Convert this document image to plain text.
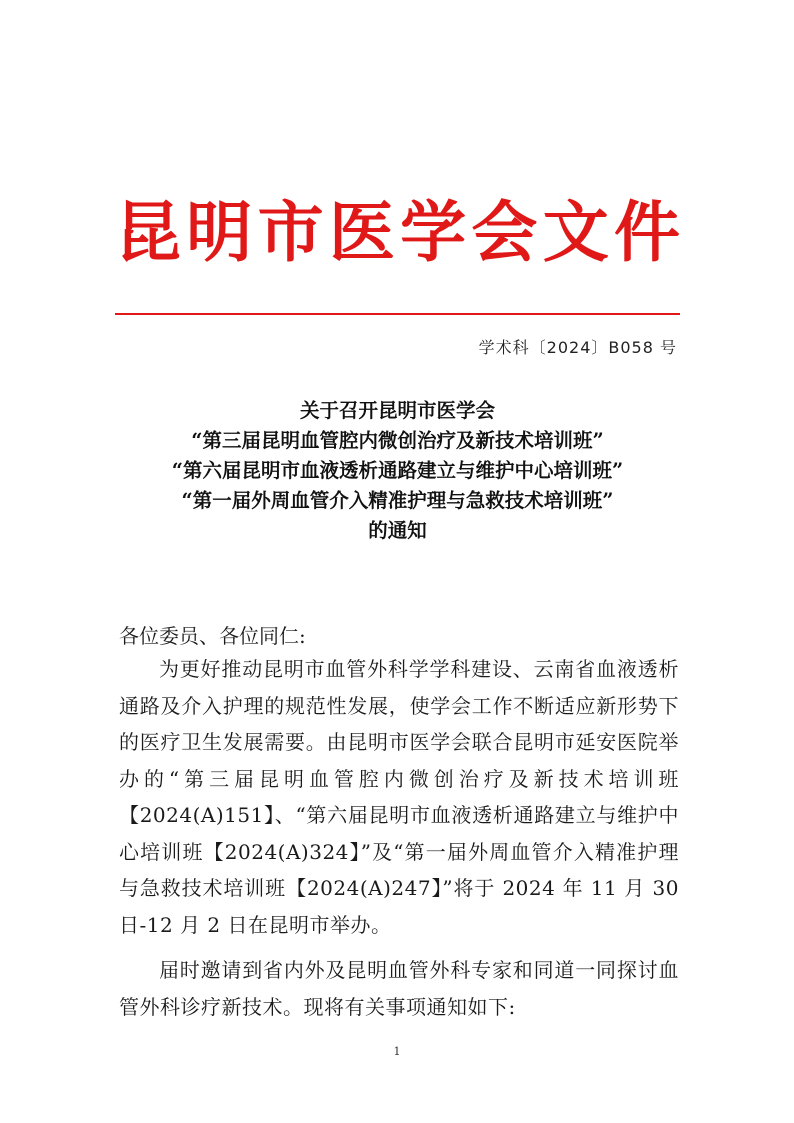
昆 明 市 医 学 会 文 件
学术科〔2024〕B058 号
关于召开昆明市医学会
“第三届昆明血管腔内微创治疗及新技术培训班”
“第六届昆明市血液透析通路建立与维护中心培训班”
“第一届外周血管介入精准护理与急救技术培训班”
的通知
各位委员、各位同仁:

为更好推动昆明市血管外科学学科建设、云南省血液透析通路及介入护理的规范性发展，使学会工作不断适应新形势下的医疗卫生发展需要。由昆明市医学会联合昆明市延安医院举办的“第三届昆明血管腔内微创治疗及新技术培训班【2024(A)151】、“第六届昆明市血液透析通路建立与维护中心培训班【2024(A)324】”及“第一届外周血管介入精准护理与急救技术培训班【2024(A)247】”将于 2024 年 11 月 30 日-12 月 2 日在昆明市举办。

届时邀请到省内外及昆明血管外科专家和同道一同探讨血管外科诊疗新技术。现将有关事项通知如下:

1
